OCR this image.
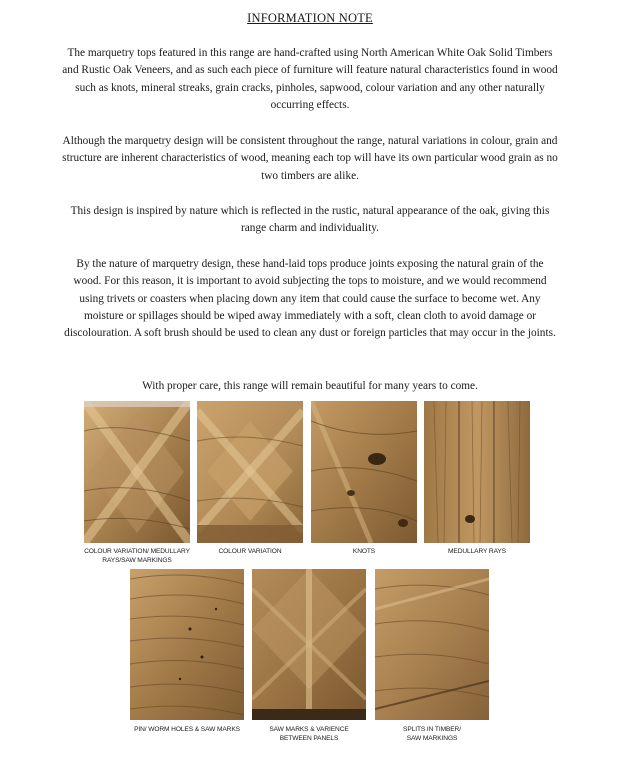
INFORMATION NOTE

The marquetry tops featured in this range are hand-crafted using North American White Oak Solid Timbers and Rustic Oak Veneers, and as such each piece of furniture will feature natural characteristics found in wood such as knots, mineral streaks, grain cracks, pinholes, sapwood, colour variation and any other naturally occurring effects.

Although the marquetry design will be consistent throughout the range, natural variations in colour, grain and structure are inherent characteristics of wood, meaning each top will have its own particular wood grain as no two timbers are alike.

This design is inspired by nature which is reflected in the rustic, natural appearance of the oak, giving this range charm and individuality.

By the nature of marquetry design, these hand-laid tops produce joints exposing the natural grain of the wood. For this reason, it is important to avoid subjecting the tops to moisture, and we would recommend using trivets or coasters when placing down any item that could cause the surface to become wet. Any moisture or spillages should be wiped away immediately with a soft, clean cloth to avoid damage or discolouration. A soft brush should be used to clean any dust or foreign particles that may occur in the joints.

With proper care, this range will remain beautiful for many years to come.

COLOUR VARIATION/ MEDULLARY
RAYS/SAW MARKINGS
COLOUR VARIATION	KNOTS	MEDULLARY RAYS
PIN/ WORM HOLES & SAW MARKS	SAW MARKS & VARIENCE
BETWEEN PANELS
SPLITS IN TIMBER/
SAW MARKINGS
